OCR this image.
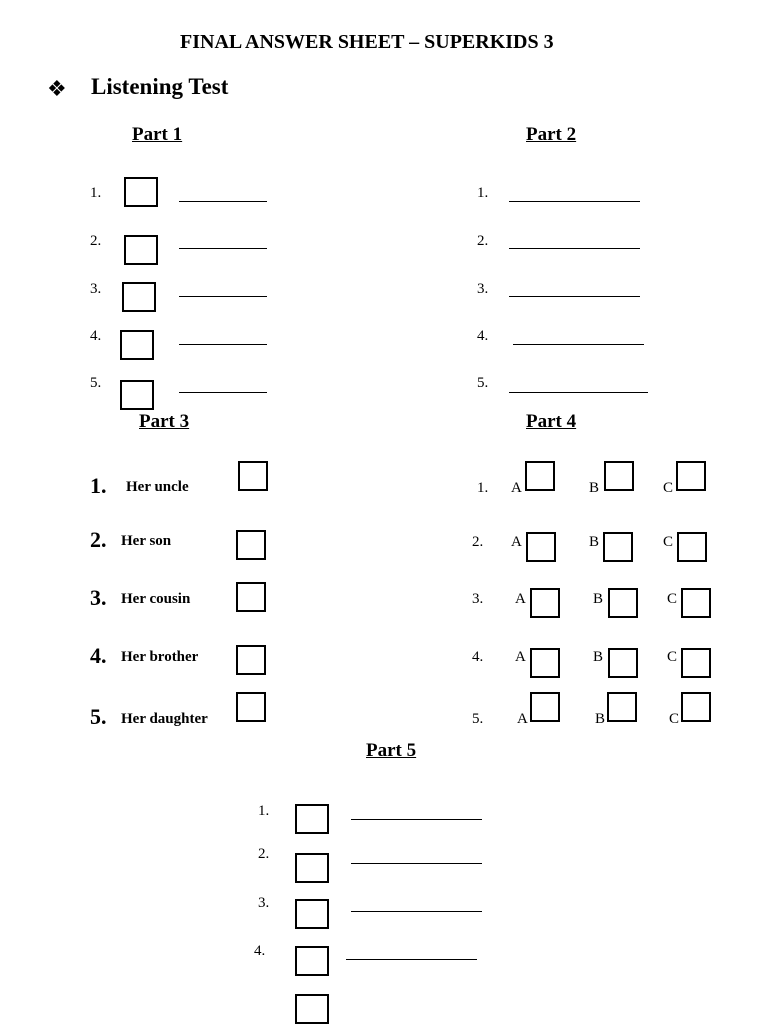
FINAL ANSWER SHEET – SUPERKIDS 3
❖ Listening Test
Part 1
1.
2.
3.
4.
5.
Part 2
1.
2.
3.
4.
5.
Part 3
1. Her uncle
2. Her son
3. Her cousin
4. Her brother
5. Her daughter
Part 4
1. A	B	C
2. A	B	C
3. A	B	C
4. A	B	C
5. A	B	C
Part 5
1.
2.
3.
4.
